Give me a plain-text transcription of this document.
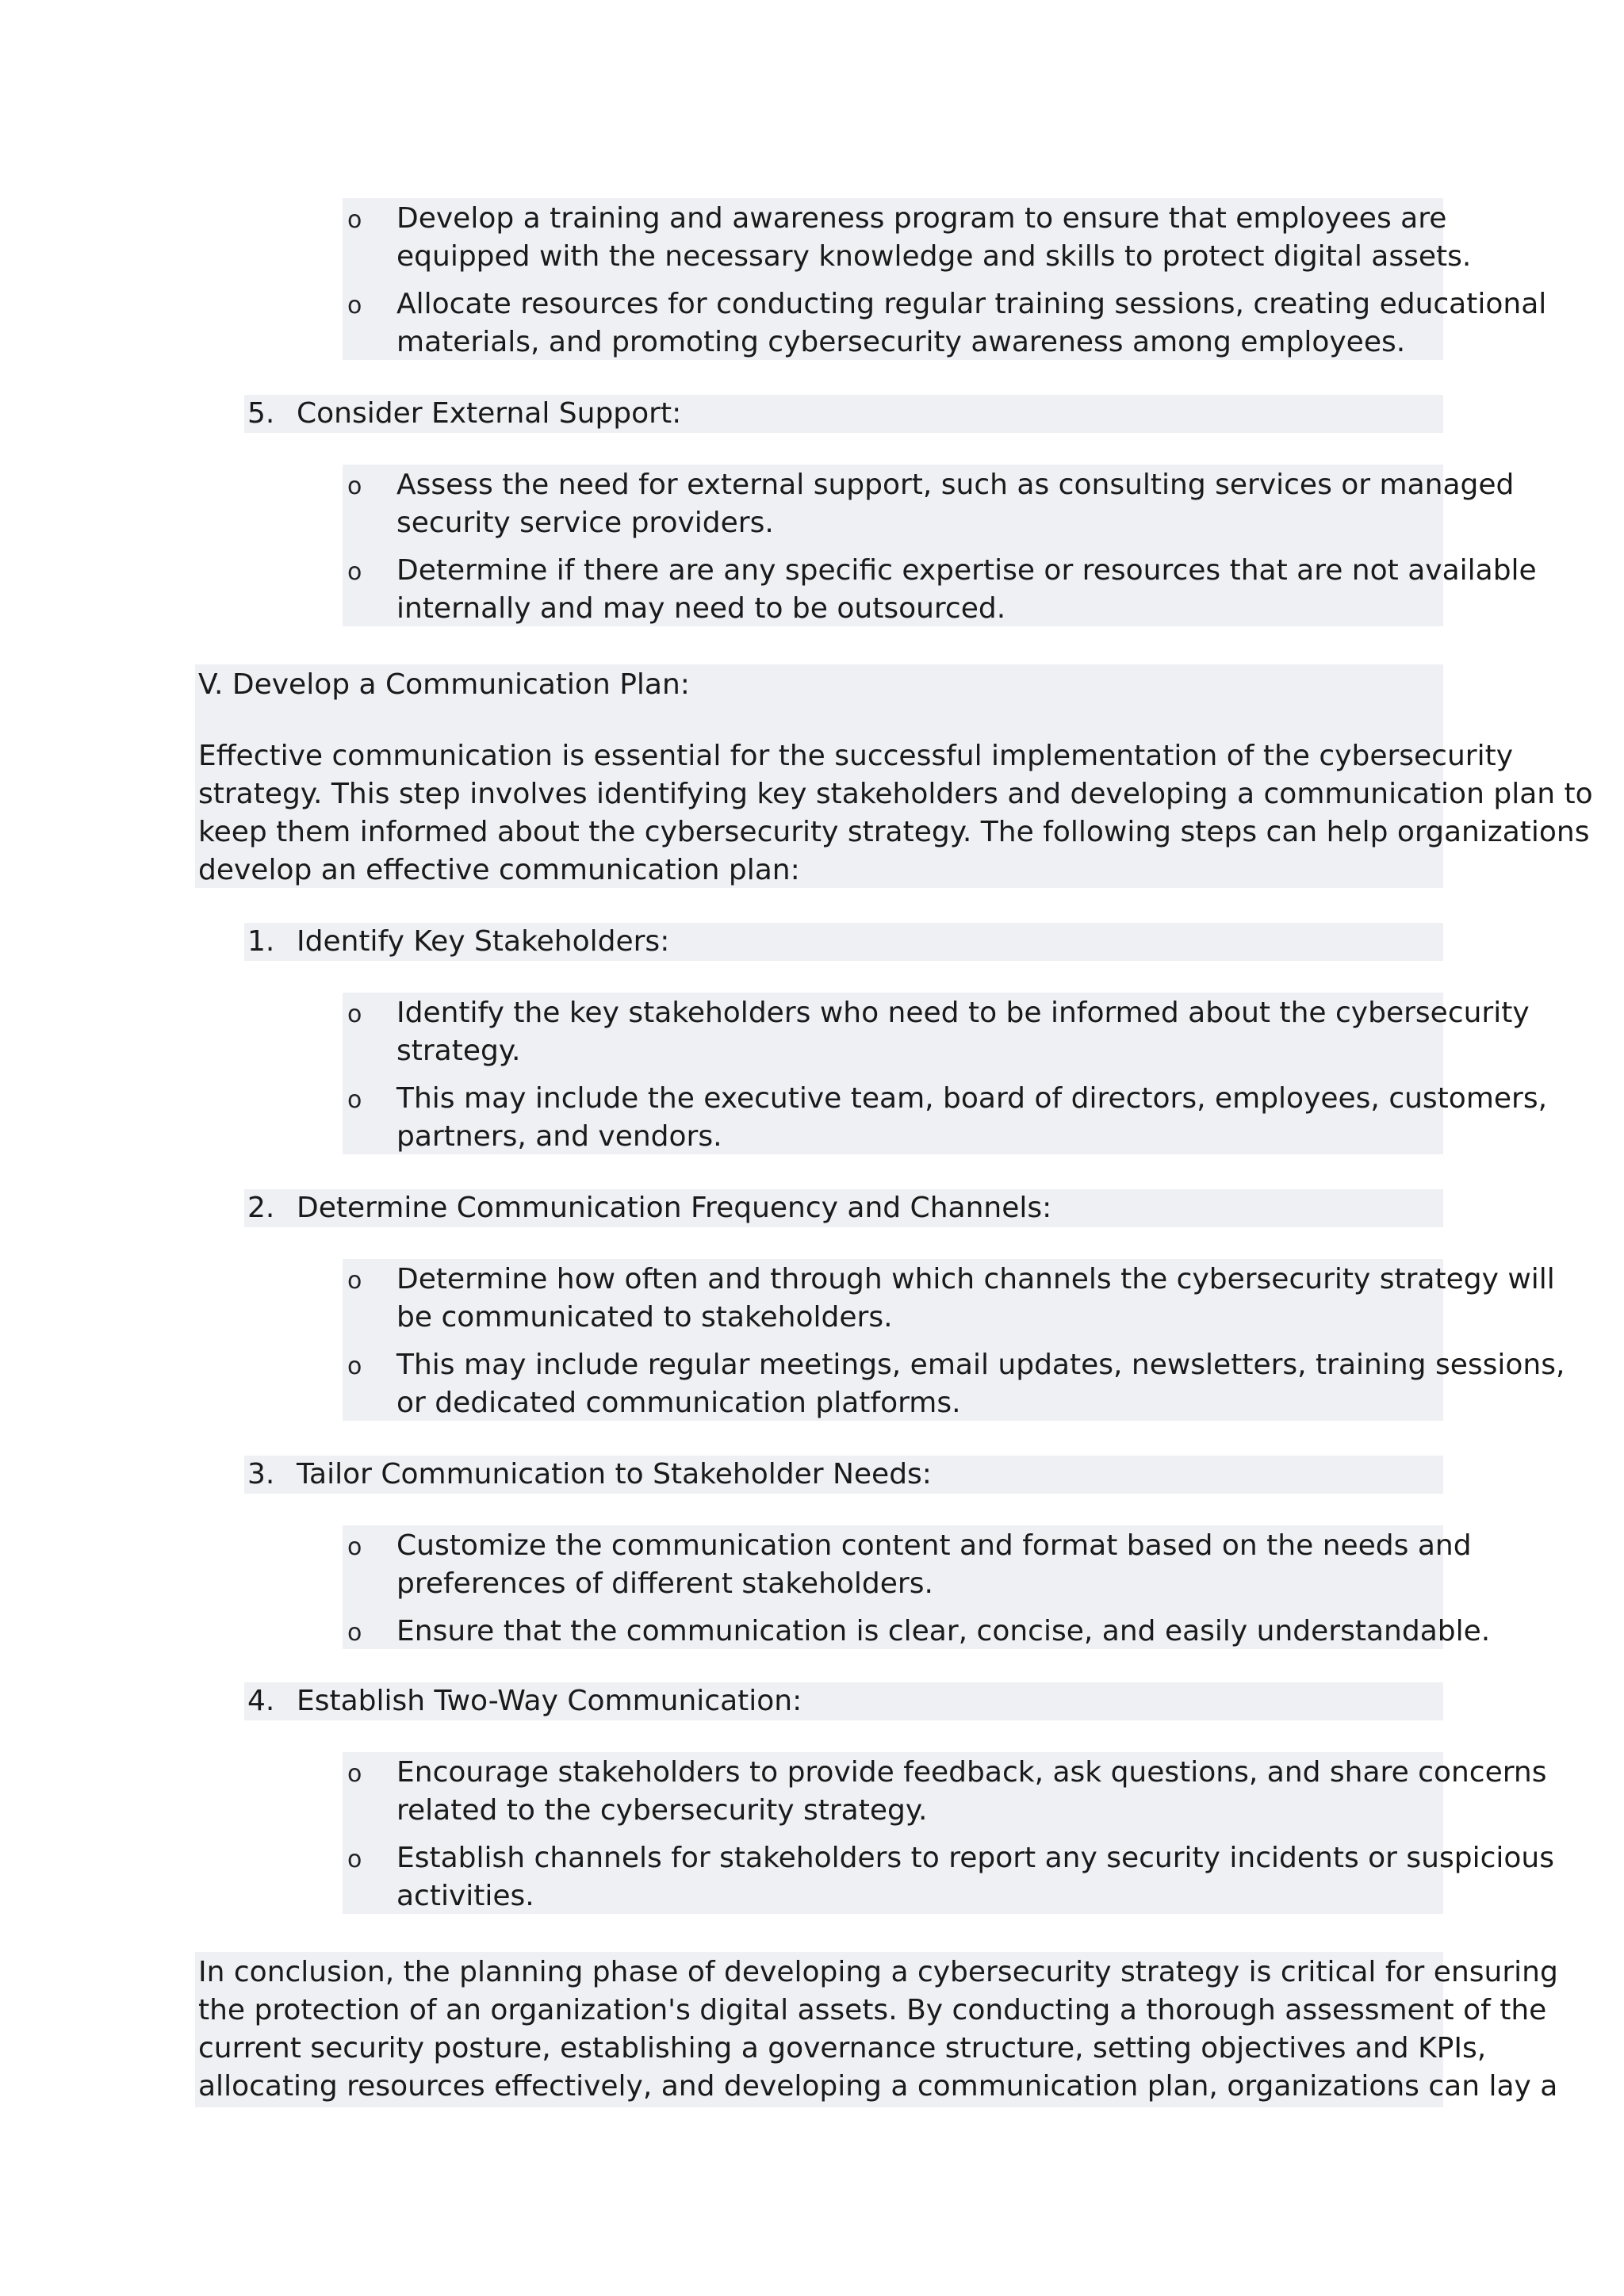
o Develop a training and awareness program to ensure that employees are
equipped with the necessary knowledge and skills to protect digital assets.
o Allocate resources for conducting regular training sessions, creating educational
materials, and promoting cybersecurity awareness among employees.
5. Consider External Support:
o Assess the need for external support, such as consulting services or managed
security service providers.
o Determine if there are any specific expertise or resources that are not available
internally and may need to be outsourced.
V. Develop a Communication Plan:
Effective communication is essential for the successful implementation of the cybersecurity
strategy. This step involves identifying key stakeholders and developing a communication plan to
keep them informed about the cybersecurity strategy. The following steps can help organizations
develop an effective communication plan:
1. Identify Key Stakeholders:
o Identify the key stakeholders who need to be informed about the cybersecurity
strategy.
o This may include the executive team, board of directors, employees, customers,
partners, and vendors.
2. Determine Communication Frequency and Channels:
o Determine how often and through which channels the cybersecurity strategy will
be communicated to stakeholders.
o This may include regular meetings, email updates, newsletters, training sessions,
or dedicated communication platforms.
3. Tailor Communication to Stakeholder Needs:
o Customize the communication content and format based on the needs and
preferences of different stakeholders.
o Ensure that the communication is clear, concise, and easily understandable.
4. Establish Two-Way Communication:
o Encourage stakeholders to provide feedback, ask questions, and share concerns
related to the cybersecurity strategy.
o Establish channels for stakeholders to report any security incidents or suspicious
activities.
In conclusion, the planning phase of developing a cybersecurity strategy is critical for ensuring
the protection of an organization's digital assets. By conducting a thorough assessment of the
current security posture, establishing a governance structure, setting objectives and KPIs,
allocating resources effectively, and developing a communication plan, organizations can lay a
